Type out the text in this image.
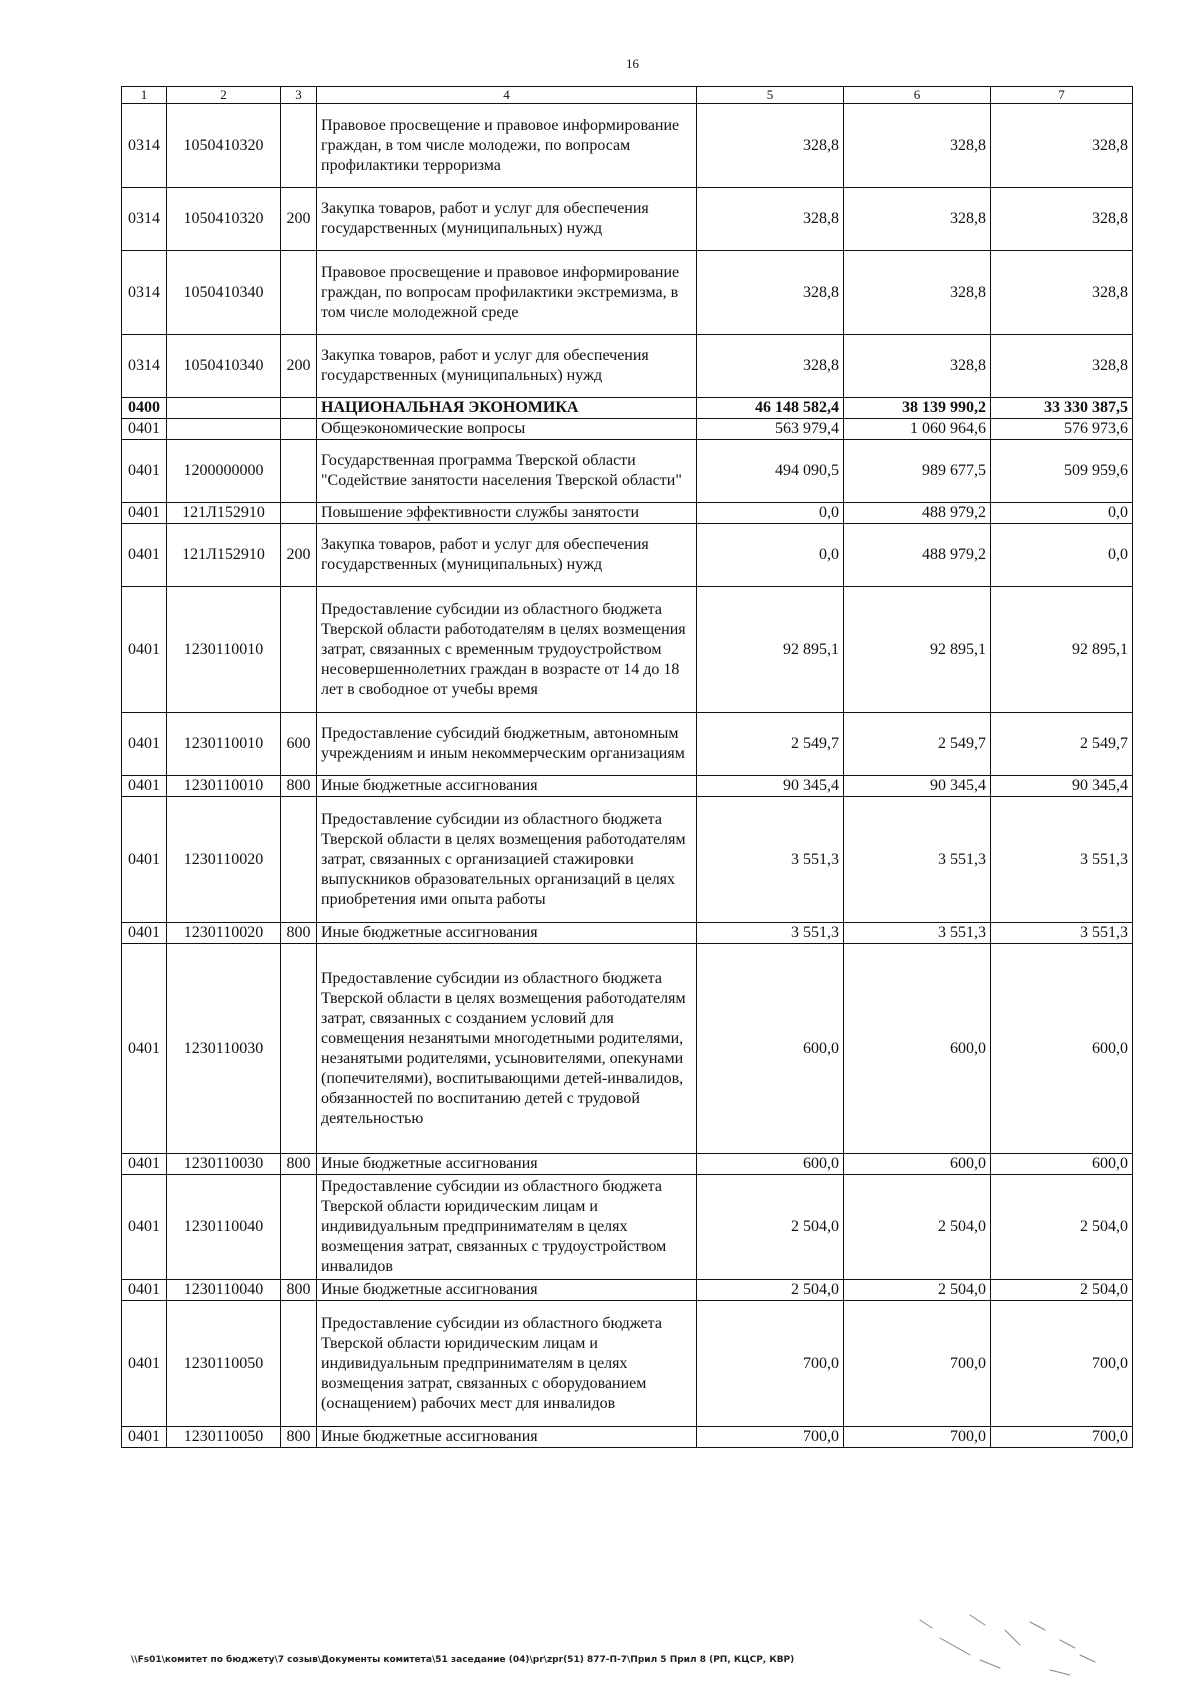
16
1	2	3	4	5	6	7
0314	1050410320		Правовое просвещение и правовое информирование граждан, в том числе молодежи, по вопросам профилактики терроризма	328,8	328,8	328,8
0314	1050410320	200	Закупка товаров, работ и услуг для обеспечения государственных (муниципальных) нужд	328,8	328,8	328,8
0314	1050410340		Правовое просвещение и правовое информирование граждан, по вопросам профилактики экстремизма, в том числе молодежной среде	328,8	328,8	328,8
0314	1050410340	200	Закупка товаров, работ и услуг для обеспечения государственных (муниципальных) нужд	328,8	328,8	328,8
0400			НАЦИОНАЛЬНАЯ ЭКОНОМИКА	46 148 582,4	38 139 990,2	33 330 387,5
0401			Общеэкономические вопросы	563 979,4	1 060 964,6	576 973,6
0401	1200000000		Государственная программа Тверской области "Содействие занятости населения Тверской области"	494 090,5	989 677,5	509 959,6
0401	121Л152910		Повышение эффективности службы занятости	0,0	488 979,2	0,0
0401	121Л152910	200	Закупка товаров, работ и услуг для обеспечения государственных (муниципальных) нужд	0,0	488 979,2	0,0
0401	1230110010		Предоставление субсидии из областного бюджета Тверской области работодателям в целях возмещения затрат, связанных с временным трудоустройством несовершеннолетних граждан в возрасте от 14 до 18 лет в свободное от учебы время	92 895,1	92 895,1	92 895,1
0401	1230110010	600	Предоставление субсидий бюджетным, автономным учреждениям и иным некоммерческим организациям	2 549,7	2 549,7	2 549,7
0401	1230110010	800	Иные бюджетные ассигнования	90 345,4	90 345,4	90 345,4
0401	1230110020		Предоставление субсидии из областного бюджета Тверской области в целях возмещения работодателям затрат, связанных с организацией стажировки выпускников образовательных организаций в целях приобретения ими опыта работы	3 551,3	3 551,3	3 551,3
0401	1230110020	800	Иные бюджетные ассигнования	3 551,3	3 551,3	3 551,3
0401	1230110030		Предоставление субсидии из областного бюджета Тверской области в целях возмещения работодателям затрат, связанных с созданием условий для совмещения незанятыми многодетными родителями, незанятыми родителями, усыновителями, опекунами (попечителями), воспитывающими детей-инвалидов, обязанностей по воспитанию детей с трудовой деятельностью	600,0	600,0	600,0
0401	1230110030	800	Иные бюджетные ассигнования	600,0	600,0	600,0
0401	1230110040		Предоставление субсидии из областного бюджета Тверской области юридическим лицам и индивидуальным предпринимателям в целях возмещения затрат, связанных с трудоустройством инвалидов	2 504,0	2 504,0	2 504,0
0401	1230110040	800	Иные бюджетные ассигнования	2 504,0	2 504,0	2 504,0
0401	1230110050		Предоставление субсидии из областного бюджета Тверской области юридическим лицам и индивидуальным предпринимателям в целях возмещения затрат, связанных с оборудованием (оснащением) рабочих мест для инвалидов	700,0	700,0	700,0
0401	1230110050	800	Иные бюджетные ассигнования	700,0	700,0	700,0
\\Fs01\комитет по бюджету\7 созыв\Документы комитета\51 заседание (04)\pr\zpr(51) 877-П-7\Прил 5 Прил 8 (РП, КЦСР, КВР)
